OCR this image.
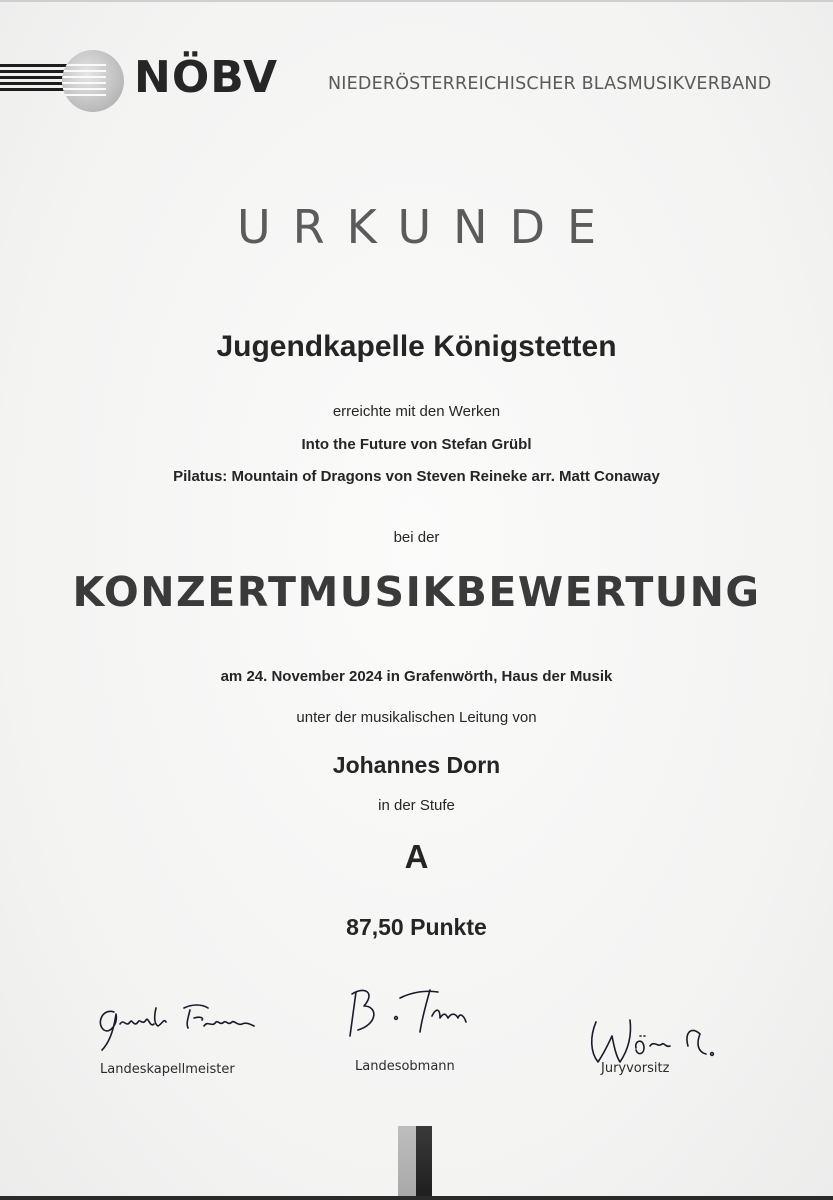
NÖBV	NIEDERÖSTERREICHISCHER BLASMUSIKVERBAND
URKUNDE
Jugendkapelle Königstetten
erreichte mit den Werken
Into the Future von Stefan Grübl
Pilatus: Mountain of Dragons von Steven Reineke arr. Matt Conaway
bei der
KONZERTMUSIKBEWERTUNG
am 24. November 2024 in Grafenwörth, Haus der Musik
unter der musikalischen Leitung von
Johannes Dorn
in der Stufe
A
87,50 Punkte
Landeskapellmeister	Landesobmann	Juryvorsitz
